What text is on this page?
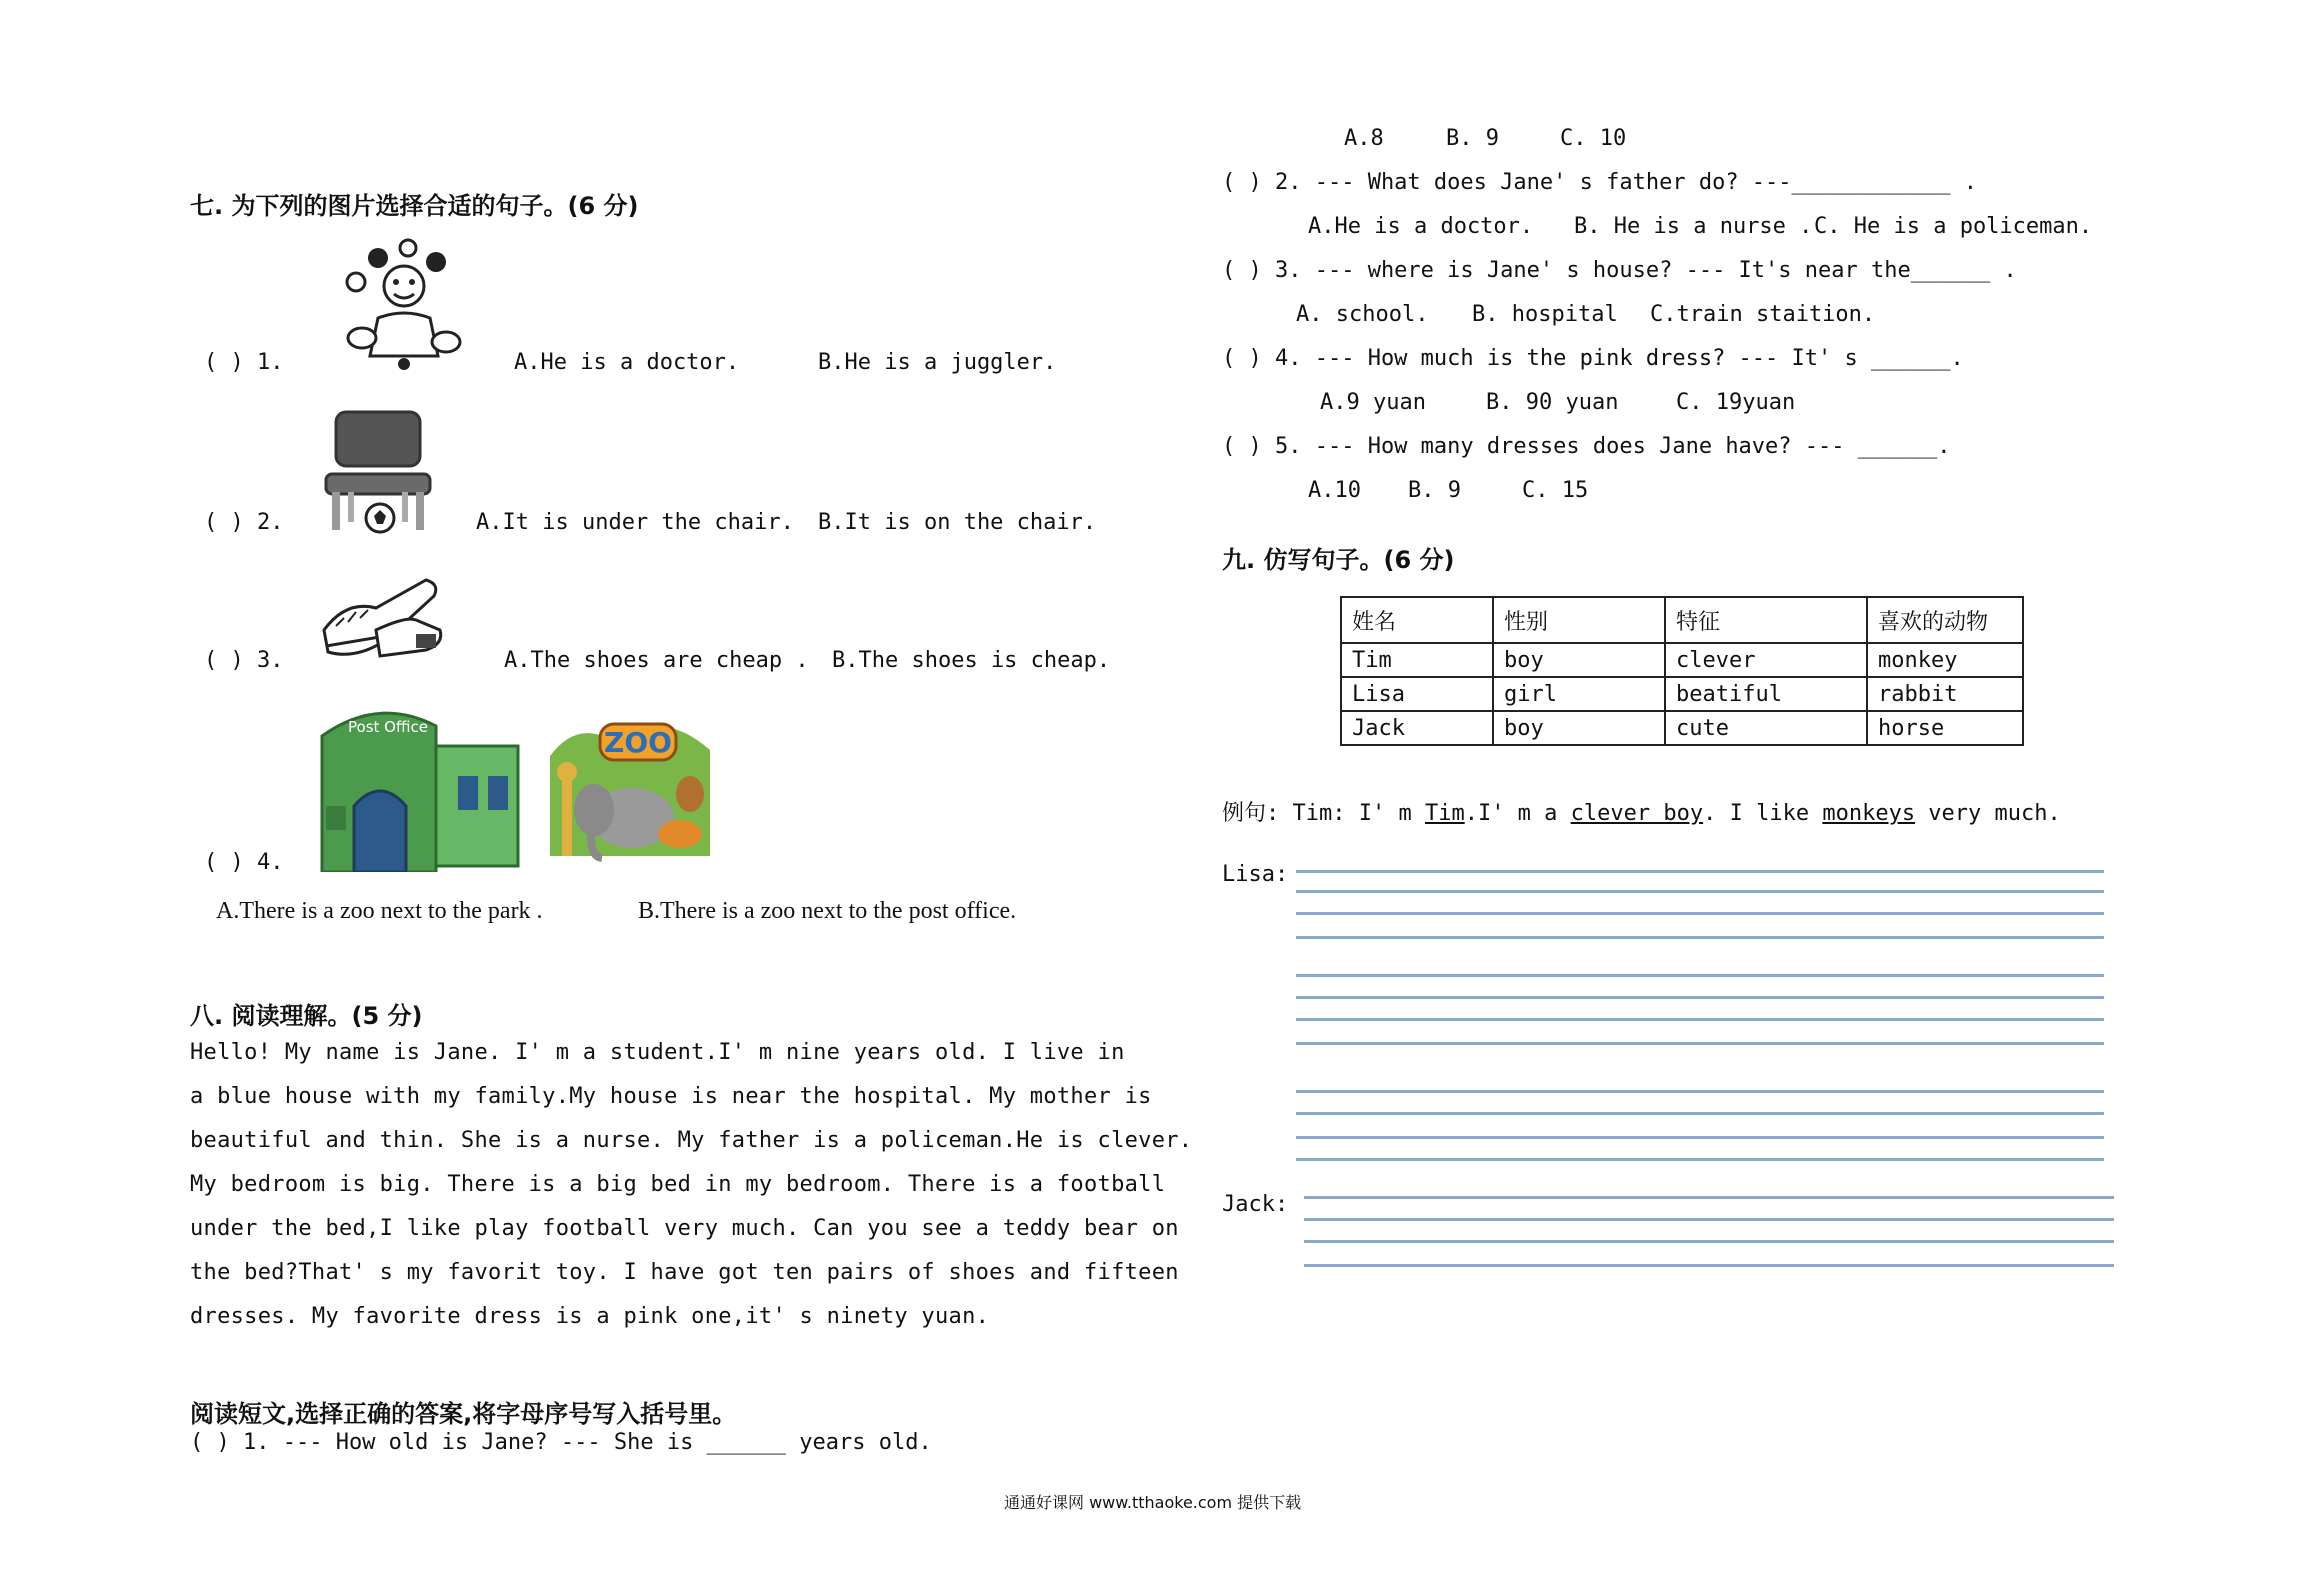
七. 为下列的图片选择合适的句子。(6 分)
( ) 1.	A.He is a doctor.	B.He is a juggler.
( ) 2.	A.It is under the chair. B.It is on the chair.
( ) 3.	A.The shoes are cheap . B.The shoes is cheap.
Post Office	ZOO
( ) 4.
A.There is a zoo next to the park .	B.There is a zoo next to the post office.
八. 阅读理解。(5 分)
Hello! My name is Jane. I' m a student.I' m nine years old. I live in
a blue house with my family.My house is near the hospital. My mother is
beautiful and thin. She is a nurse. My father is a policeman.He is clever.
My bedroom is big. There is a big bed in my bedroom. There is a football
under the bed,I like play football very much. Can you see a teddy bear on
the bed?That' s my favorit toy. I have got ten pairs of shoes and fifteen
dresses. My favorite dress is a pink one,it' s ninety yuan.
阅读短文,选择正确的答案,将字母序号写入括号里。
( ) 1. --- How old is Jane? --- She is ______ years old.
A.8	B. 9	C. 10
( ) 2. --- What does Jane' s father do? ---____________ .
A.He is a doctor. B. He is a nurse . C. He is a policeman.
( ) 3. --- where is Jane' s house? --- It's near the______ .
A. school. B. hospital C.train staition.
( ) 4. --- How much is the pink dress? --- It' s ______.
A.9 yuan	B. 90 yuan	C. 19yuan
( ) 5. --- How many dresses does Jane have? --- ______.
A.10 B. 9	C. 15
九. 仿写句子。(6 分)
姓名	性别	特征	喜欢的动物
Tim	boy	clever	monkey
Lisa	girl	beatiful	rabbit
Jack	boy	cute	horse
例句: Tim: I' m Tim.I' m a clever boy. I like monkeys very much.
Lisa:
Jack:
通通好课网 www.tthaoke.com 提供下载
